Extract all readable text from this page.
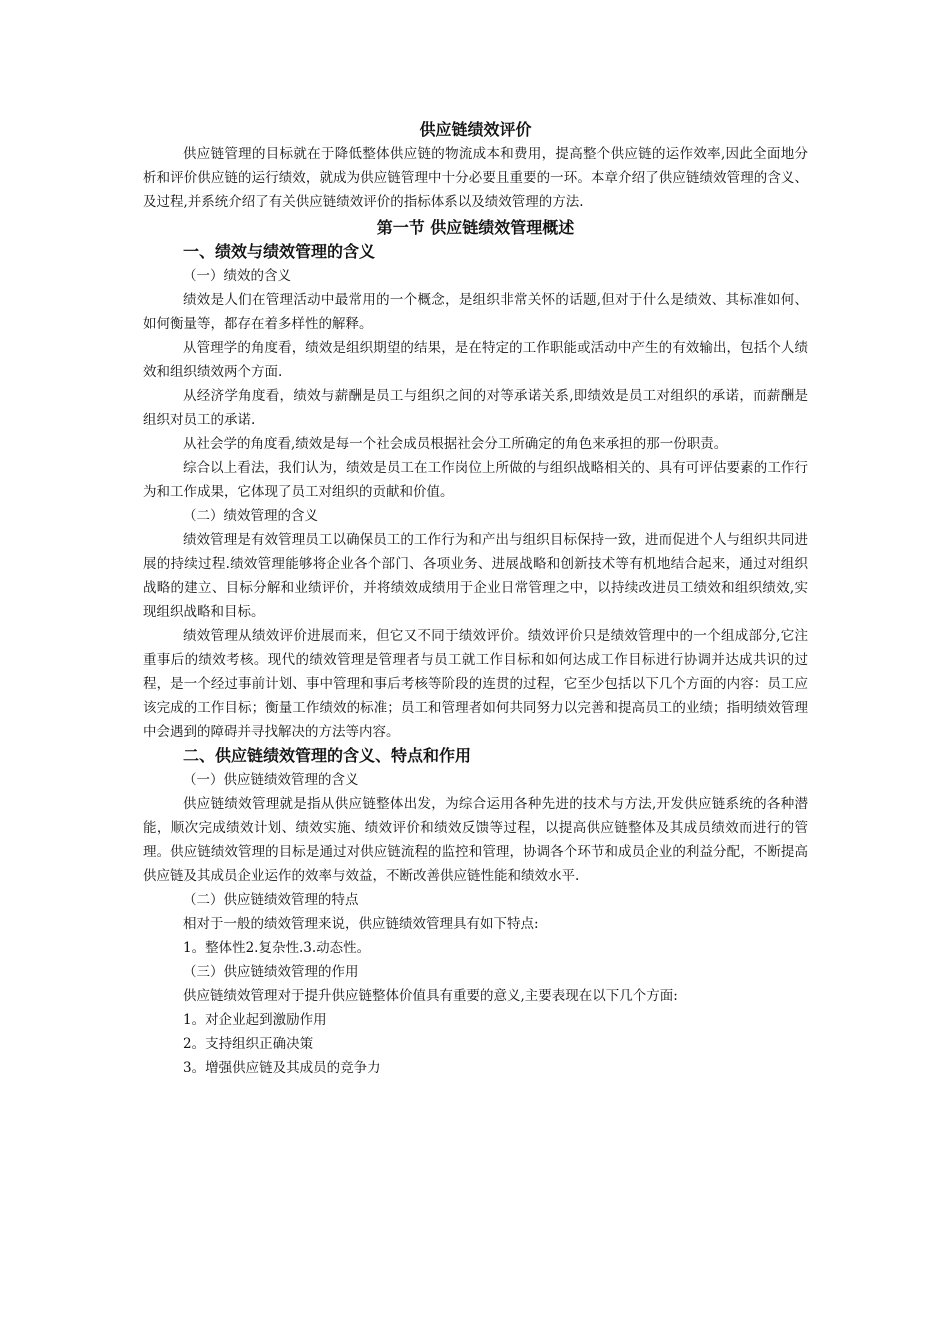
供应链绩效评价

供应链管理的目标就在于降低整体供应链的物流成本和费用，提高整个供应链的运作效率,因此全面地分析和评价供应链的运行绩效，就成为供应链管理中十分必要且重要的一环。本章介绍了供应链绩效管理的含义、及过程,并系统介绍了有关供应链绩效评价的指标体系以及绩效管理的方法.

第一节 供应链绩效管理概述
一、绩效与绩效管理的含义
（一）绩效的含义

绩效是人们在管理活动中最常用的一个概念，是组织非常关怀的话题,但对于什么是绩效、其标准如何、如何衡量等，都存在着多样性的解释。

从管理学的角度看，绩效是组织期望的结果，是在特定的工作职能或活动中产生的有效输出，包括个人绩效和组织绩效两个方面.

从经济学角度看，绩效与薪酬是员工与组织之间的对等承诺关系,即绩效是员工对组织的承诺，而薪酬是组织对员工的承诺.

从社会学的角度看,绩效是每一个社会成员根据社会分工所确定的角色来承担的那一份职责。

综合以上看法，我们认为，绩效是员工在工作岗位上所做的与组织战略相关的、具有可评估要素的工作行为和工作成果，它体现了员工对组织的贡献和价值。

（二）绩效管理的含义

绩效管理是有效管理员工以确保员工的工作行为和产出与组织目标保持一致，进而促进个人与组织共同进展的持续过程.绩效管理能够将企业各个部门、各项业务、进展战略和创新技术等有机地结合起来，通过对组织战略的建立、目标分解和业绩评价，并将绩效成绩用于企业日常管理之中，以持续改进员工绩效和组织绩效,实现组织战略和目标。

绩效管理从绩效评价进展而来，但它又不同于绩效评价。绩效评价只是绩效管理中的一个组成部分,它注重事后的绩效考核。现代的绩效管理是管理者与员工就工作目标和如何达成工作目标进行协调并达成共识的过程，是一个经过事前计划、事中管理和事后考核等阶段的连贯的过程，它至少包括以下几个方面的内容：员工应该完成的工作目标；衡量工作绩效的标准；员工和管理者如何共同努力以完善和提高员工的业绩；指明绩效管理中会遇到的障碍并寻找解决的方法等内容。

二、供应链绩效管理的含义、特点和作用
（一）供应链绩效管理的含义

供应链绩效管理就是指从供应链整体出发，为综合运用各种先进的技术与方法,开发供应链系统的各种潜能，顺次完成绩效计划、绩效实施、绩效评价和绩效反馈等过程，以提高供应链整体及其成员绩效而进行的管理。供应链绩效管理的目标是通过对供应链流程的监控和管理，协调各个环节和成员企业的利益分配，不断提高供应链及其成员企业运作的效率与效益，不断改善供应链性能和绩效水平.

（二）供应链绩效管理的特点
相对于一般的绩效管理来说，供应链绩效管理具有如下特点:
1。整体性2.复杂性.3.动态性。
（三）供应链绩效管理的作用
供应链绩效管理对于提升供应链整体价值具有重要的意义,主要表现在以下几个方面:
1。对企业起到激励作用
2。支持组织正确决策
3。增强供应链及其成员的竞争力
